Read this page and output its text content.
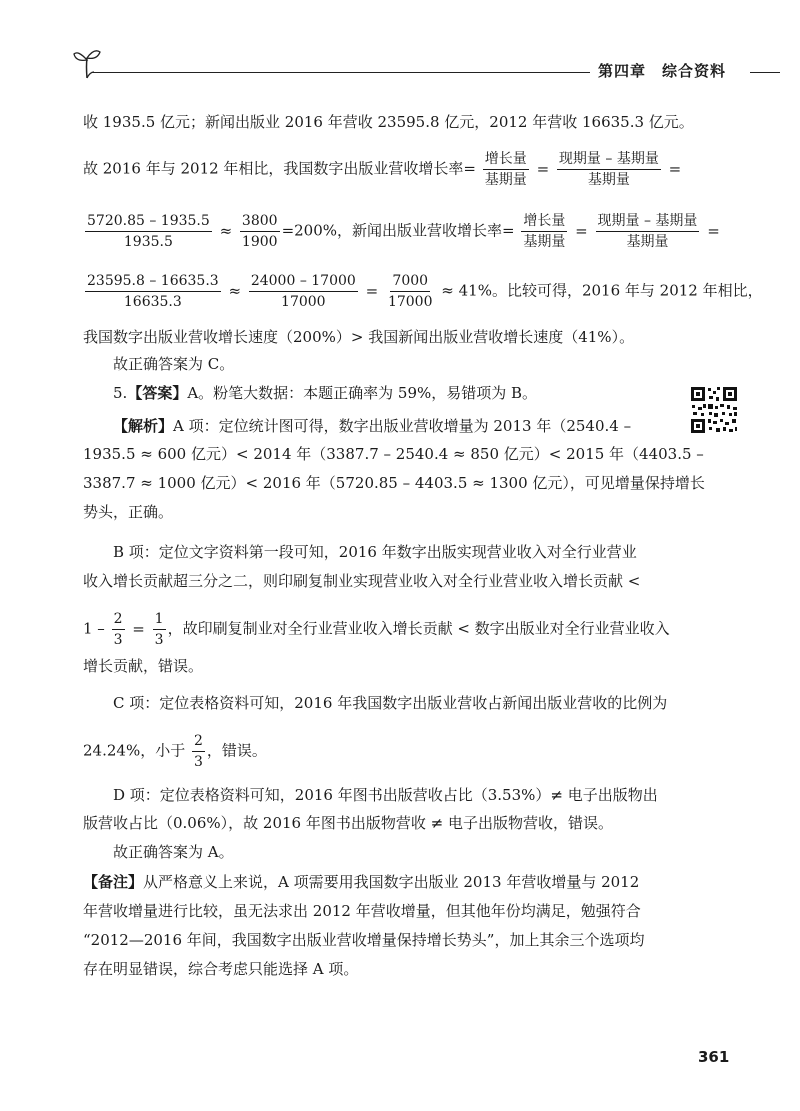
第四章　 综合资料
收 1935.5 亿元；新闻出版业 2016 年营收 23595.8 亿元，2012 年营收 16635.3 亿元。
故 2016 年与 2012 年相比，我国数字出版业营收增长率= $\frac{\text{增长量}}{\text{基期量}} = \frac{\text{现期量 – 基期量}}{\text{基期量}}$ =
$\frac{5720.85 - 1935.5}{1935.5} \approx \frac{3800}{1900} =200\%$，新闻出版业营收增长率= $\frac{\text{增长量}}{\text{基期量}} = \frac{\text{现期量 – 基期量}}{\text{基期量}}$ =
$\frac{23595.8 - 16635.3}{16635.3} \approx \frac{24000 - 17000}{17000} = \frac{7000}{17000} \approx 41\%$。比较可得，2016 年与 2012 年相比，
我国数字出版业营收增长速度（200%）> 我国新闻出版业营收增长速度（41%）。
故正确答案为 C。
5.【答案】A。粉笔大数据：本题正确率为 59%，易错项为 B。
【解析】A 项：定位统计图可得，数字出版业营收增量为 2013 年（2540.4 –
1935.5 ≈ 600 亿元）< 2014 年（3387.7 – 2540.4 ≈ 850 亿元）< 2015 年（4403.5 –
3387.7 ≈ 1000 亿元）< 2016 年（5720.85 – 4403.5 ≈ 1300 亿元），可见增量保持增长
势头，正确。
B 项：定位文字资料第一段可知，2016 年数字出版实现营业收入对全行业营业
收入增长贡献超三分之二，则印刷复制业实现营业收入对全行业营业收入增长贡献 <
$1 - \frac{2}{3} = \frac{1}{3}$ ，故印刷复制业对全行业营业收入增长贡献 < 数字出版业对全行业营业收入
增长贡献，错误。
C 项：定位表格资料可知，2016 年我国数字出版业营收占新闻出版业营收的比例为
24.24%，小于 $\frac{2}{3}$ ，错误。
D 项：定位表格资料可知，2016 年图书出版营收占比（3.53%）≠ 电子出版物出
版营收占比（0.06%），故 2016 年图书出版物营收 ≠ 电子出版物营收，错误。
故正确答案为 A。
【备注】从严格意义上来说，A 项需要用我国数字出版业 2013 年营收增量与 2012
年营收增量进行比较，虽无法求出 2012 年营收增量，但其他年份均满足，勉强符合
“2012—2016 年间，我国数字出版业营收增量保持增长势头”，加上其余三个选项均
存在明显错误，综合考虑只能选择 A 项。
361
